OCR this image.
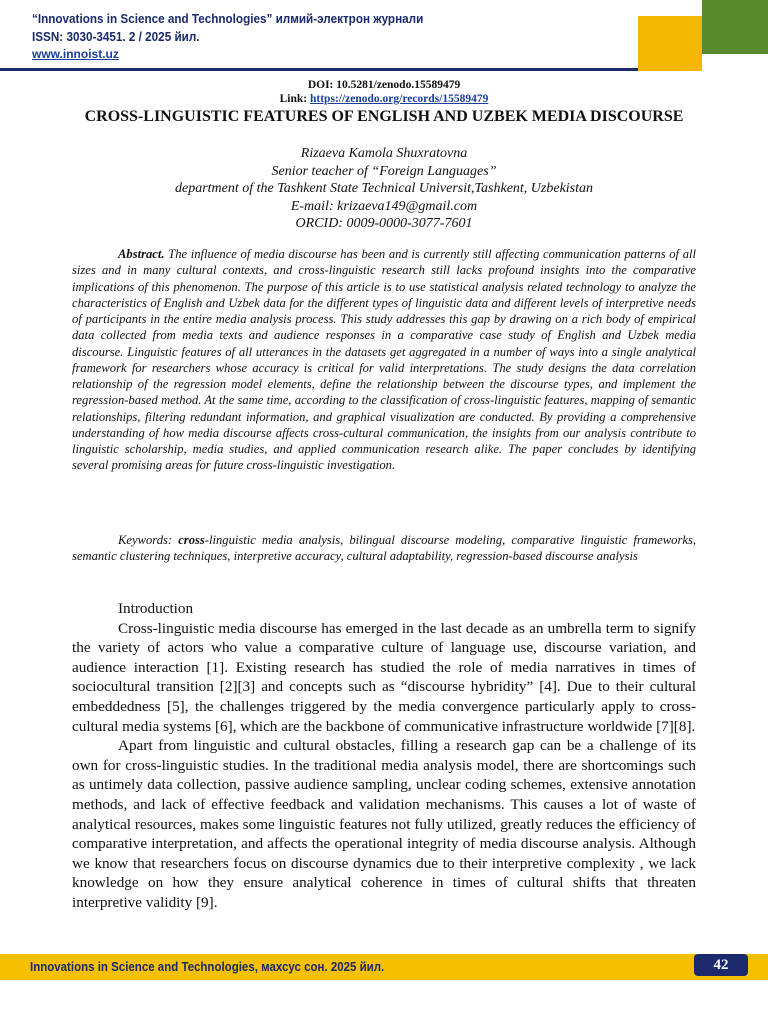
“Innovations in Science and Technologies” илмий-электрон журнали
ISSN: 3030-3451. 2 / 2025 йил.
www.innoist.uz
DOI: 10.5281/zenodo.15589479
Link: https://zenodo.org/records/15589479
CROSS-LINGUISTIC FEATURES OF ENGLISH AND UZBEK MEDIA DISCOURSE
Rizaeva Kamola Shuxratovna
Senior teacher of “Foreign Languages”
department of the Tashkent State Technical Universit,Tashkent, Uzbekistan
E-mail: krizaeva149@gmail.com
ORCID: 0009-0000-3077-7601
Abstract. The influence of media discourse has been and is currently still affecting communication patterns of all sizes and in many cultural contexts, and cross-linguistic research still lacks profound insights into the comparative implications of this phenomenon. The purpose of this article is to use statistical analysis related technology to analyze the characteristics of English and Uzbek data for the different types of linguistic data and different levels of interpretive needs of participants in the entire media analysis process. This study addresses this gap by drawing on a rich body of empirical data collected from media texts and audience responses in a comparative case study of English and Uzbek media discourse. Linguistic features of all utterances in the datasets get aggregated in a number of ways into a single analytical framework for researchers whose accuracy is critical for valid interpretations. The study designs the data correlation relationship of the regression model elements, define the relationship between the discourse types, and implement the regression-based method. At the same time, according to the classification of cross-linguistic features, mapping of semantic relationships, filtering redundant information, and graphical visualization are conducted. By providing a comprehensive understanding of how media discourse affects cross-cultural communication, the insights from our analysis contribute to linguistic scholarship, media studies, and applied communication research alike. The paper concludes by identifying several promising areas for future cross-linguistic investigation.
Keywords: cross-linguistic media analysis, bilingual discourse modeling, comparative linguistic frameworks, semantic clustering techniques, interpretive accuracy, cultural adaptability, regression-based discourse analysis

Introduction

Cross-linguistic media discourse has emerged in the last decade as an umbrella term to signify the variety of actors who value a comparative culture of language use, discourse variation, and audience interaction [1]. Existing research has studied the role of media narratives in times of sociocultural transition [2][3] and concepts such as “discourse hybridity” [4]. Due to their cultural embeddedness [5], the challenges triggered by the media convergence particularly apply to cross-cultural media systems [6], which are the backbone of communicative infrastructure worldwide [7][8].

Apart from linguistic and cultural obstacles, filling a research gap can be a challenge of its own for cross-linguistic studies. In the traditional media analysis model, there are shortcomings such as untimely data collection, passive audience sampling, unclear coding schemes, extensive annotation methods, and lack of effective feedback and validation mechanisms. This causes a lot of waste of analytical resources, makes some linguistic features not fully utilized, greatly reduces the efficiency of comparative interpretation, and affects the operational integrity of media discourse analysis. Although we know that researchers focus on discourse dynamics due to their interpretive complexity , we lack knowledge on how they ensure analytical coherence in times of cultural shifts that threaten interpretive validity [9].

Innovations in Science and Technologies, махсус сон. 2025 йил.	42
